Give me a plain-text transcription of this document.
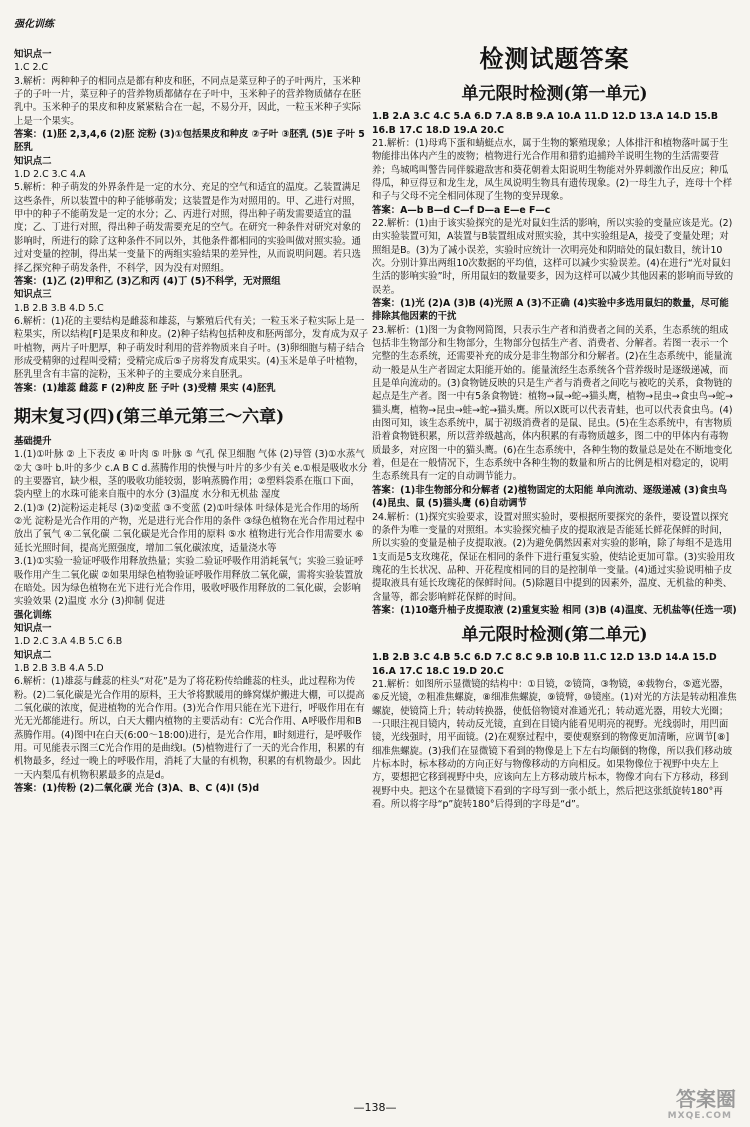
强化训练

知识点一

1.C 2.C

3.解析：两种种子的相同点是都有种皮和胚，不同点是菜豆种子的子叶两片，玉米种子的子叶一片，菜豆种子的营养物质都储存在子叶中，玉米种子的营养物质储存在胚乳中。玉米种子的果皮和种皮紧紧粘合在一起，不易分开，因此，一粒玉米种子实际上是一个果实。

答案：(1)胚 2,3,4,6 (2)胚 淀粉 (3)①包括果皮和种皮 ②子叶 ③胚乳 (5)E 子叶 5 胚乳

知识点二

1.D 2.C 3.C 4.A

5.解析：种子萌发的外界条件是一定的水分、充足的空气和适宜的温度。乙装置满足这些条件，所以装置中的种子能够萌发；这装置是作为对照用的。甲、乙进行对照，甲中的种子不能萌发是一定的水分；乙、丙进行对照，得出种子萌发需要适宜的温度；乙、丁进行对照，得出种子萌发需要充足的空气。在研究一种条件对研究对象的影响时，所进行的除了这种条件不同以外，其他条件都相同的实验叫做对照实验。通过对变量的控制，得出某一变量下的两组实验结果的差异性，从而说明问题。若只选择乙探究种子萌发条件，不科学，因为没有对照组。

答案：(1)乙 (2)甲和乙 (3)乙和丙 (4)丁 (5)不科学，无对照组

知识点三

1.B 2.B 3.B 4.D 5.C

6.解析：(1)花的主要结构是雌蕊和雄蕊，与繁殖后代有关；一粒玉米子粒实际上是一粒果实，所以结构[F]是果皮和种皮。(2)种子结构包括种皮和胚两部分，发育成为双子叶植物，两片子叶肥厚，种子萌发时利用的营养物质来自子叶。(3)卵细胞与精子结合形成受精卵的过程叫受精；受精完成后⑤子房将发育成果实。(4)玉米是单子叶植物，胚乳里含有丰富的淀粉，玉米种子的主要成分来自胚乳。

答案：(1)雄蕊 雌蕊 F (2)种皮 胚 子叶 (3)受精 果实 (4)胚乳

期末复习(四)(第三单元第三～六章)

基础提升

1.(1)①叶脉 ② 上下表皮 ④ 叶肉 ⑤ 叶脉 ⑤ 气孔 保卫细胞 气体 (2)导管 (3)①水蒸气 ②大 ③叶 b.叶的多少 c.A B C d.蒸腾作用的快慢与叶片的多少有关 e.①根是吸收水分的主要器官，缺少根，茎的吸收功能较弱，影响蒸腾作用；②塑料袋系在瓶口下面，袋内壁上的水珠可能来自瓶中的水分 (3)温度 水分和无机盐 湿度

2.(1)③ (2)淀粉运走耗尽 (3)②变蓝 ③不变蓝 (2)①叶绿体 叶绿体是光合作用的场所 ②光 淀粉是光合作用的产物，光是进行光合作用的条件 ③绿色植物在光合作用过程中放出了氧气 ④二氧化碳 二氧化碳是光合作用的原料 ⑤水 植物进行光合作用需要水 ⑥延长光照时间，提高光照强度，增加二氧化碳浓度，适量浇水等

3.(1)①实验一验证呼吸作用释放热量；实验二验证呼吸作用消耗氧气；实验三验证呼吸作用产生二氧化碳 ②如果用绿色植物验证呼吸作用释放二氧化碳，需将实验装置放在暗处。因为绿色植物在光下进行光合作用，吸收呼吸作用释放的二氧化碳，会影响实验效果 (2)温度 水分 (3)抑制 促进

强化训练

知识点一

1.D 2.C 3.A 4.B 5.C 6.B

知识点二

1.B 2.B 3.B 4.A 5.D

6.解析：(1)雄蕊与雌蕊的柱头“对花”是为了将花粉传给雌蕊的柱头，此过程称为传粉。(2)二氧化碳是光合作用的原料，王大爷将默暖用的蜂窝煤炉搬进大棚，可以提高二氧化碳的浓度，促进植物的光合作用。(3)光合作用只能在光下进行，呼吸作用在有光无光都能进行。所以，白天大棚内植物的主要活动有：C光合作用、A呼吸作用和B蒸腾作用。(4)图中Ⅰ在白天(6:00～18:00)进行，是光合作用，Ⅱ时刻进行，是呼吸作用。可见能表示图三C光合作用的是曲线Ⅰ。(5)植物进行了一天的光合作用，积累的有机物最多，经过一晚上的呼吸作用，消耗了大量的有机物，积累的有机物最少。因此一天内梨瓜有机物积累最多的点是d。

答案：(1)传粉 (2)二氧化碳 光合 (3)A、B、C (4)Ⅰ (5)d

检测试题答案
单元限时检测(第一单元)

1.B 2.A 3.C 4.C 5.A 6.D 7.A 8.B 9.A 10.A 11.D 12.D 13.A 14.D 15.B 16.B 17.C 18.D 19.A 20.C

21.解析：(1)母鸡下蛋和蜻蜓点水，属于生物的繁殖现象；人体排汗和植物落叶属于生物能排出体内产生的废物；植物进行光合作用和猎豹追捕羚羊说明生物的生活需要营养；鸟城鸣叫警告同伴躲避敌害和葵花朝着太阳说明生物能对外界刺激作出反应；种瓜得瓜，种豆得豆和龙生龙，凤生凤说明生物具有遗传现象。(2)一母生九子，连母十个样和子与父母不完全相同体现了生物的变异现象。

答案：A—b B—d C—f D—a E—e F—c

22.解析：(1)由于该实验探究的是光对鼠妇生活的影响，所以实验的变量应该是光。(2)由实验装置可知，A装置与B装置组成对照实验，其中实验组是A，接受了变量处理；对照组是B。(3)为了减小误差，实验时应统计一次明亮处和阴暗处的鼠妇数目，统计10次。分别计算出两组10次数据的平均值，这样可以减少实验误差。(4)在进行“光对鼠妇生活的影响实验”时，所用鼠妇的数量要多，因为这样可以减少其他因素的影响而导致的误差。

答案：(1)光 (2)A (3)B (4)光照 A (3)不正确 (4)实验中多选用鼠妇的数量，尽可能排除其他因素的干扰

23.解析：(1)图一为食物网简图，只表示生产者和消费者之间的关系，生态系统的组成包括非生物部分和生物部分，生物部分包括生产者、消费者、分解者。若图一表示一个完整的生态系统，还需要补充的成分是非生物部分和分解者。(2)在生态系统中，能量流动一般是从生产者固定太阳能开始的。能量流经生态系统各个营养级时是逐级递减，而且是单向流动的。(3)食物链反映的只是生产者与消费者之间吃与被吃的关系，食物链的起点是生产者。图一中有5条食物链：植物→鼠→蛇→猫头鹰，植物→昆虫→食虫鸟→蛇→猫头鹰，植物→昆虫→蛙→蛇→猫头鹰。所以X既可以代表青蛙，也可以代表食虫鸟。(4)由图可知，该生态系统中，属于初级消费者的是鼠、昆虫。(5)在生态系统中，有害物质沿着食物链积累，所以营养级越高，体内积累的有毒物质越多，图二中的甲体内有毒物质最多，对应图一中的猫头鹰。(6)在生态系统中，各种生物的数量总是处在不断地变化着，但是在一般情况下，生态系统中各种生物的数量和所占的比例是相对稳定的，说明生态系统具有一定的自动调节能力。

答案：(1)非生物部分和分解者 (2)植物固定的太阳能 单向流动、逐级递减 (3)食虫鸟 (4)昆虫、鼠 (5)猫头鹰 (6)自动调节

24.解析：(1)探究实验要求，设置对照实验时，要根据所要探究的条件，要设置以探究的条件为唯一变量的对照组。本实验探究柚子皮的提取液是否能延长鲜花保鲜的时间，所以实验的变量是柚子皮提取液。(2)为避免偶然因素对实验的影响，除了每组不是选用1支而是5支玫瑰花，保证在相同的条件下进行重复实验，使结论更加可靠。(3)实验用玫瑰花的生长状况、品种、开花程度相同的目的是控制单一变量。(4)通过实验说明柚子皮提取液具有延长玫瑰花的保鲜时间。(5)除题目中提到的因素外，温度、无机盐的种类、含量等，都会影响鲜花保鲜的时间。

答案：(1)10毫升柚子皮提取液 (2)重复实验 相同 (3)B (4)温度、无机盐等(任选一项)

单元限时检测(第二单元)

1.B 2.B 3.C 4.B 5.C 6.D 7.C 8.C 9.B 10.B 11.C 12.D 13.D 14.A 15.D 16.A 17.C 18.C 19.D 20.C

21.解析：如图所示显微镜的结构中：①目镜，②镜筒，③物镜，④载物台，⑤遮光器，⑥反光镜，⑦粗准焦螺旋，⑧细准焦螺旋，⑨镜臂，⑩镜座。(1)对光的方法是转动粗准焦螺旋，使镜筒上升；转动转换器，使低倍物镜对准通光孔；转动遮光器，用较大光圈；一只眼注视目镜内，转动反光镜，直到在目镜内能看见明亮的视野。光线弱时，用凹面镜，光线强时，用平面镜。(2)在观察过程中，要使观察到的物像更加清晰，应调节[⑧]细准焦螺旋。(3)我们在显微镜下看到的物像是上下左右均颠倒的物像，所以我们移动玻片标本时，标本移动的方向正好与物像移动的方向相反。如果物像位于视野中央左上方，要想把它移到视野中央，应该向左上方移动玻片标本，物像才向右下方移动，移到视野中央。把这个在显微镜下看到的字母写到一张小纸上，然后把这张纸旋转180°再看。所以将字母“p”旋转180°后得到的字母是“d”。

—138—	答案圈
MXQE.COM
